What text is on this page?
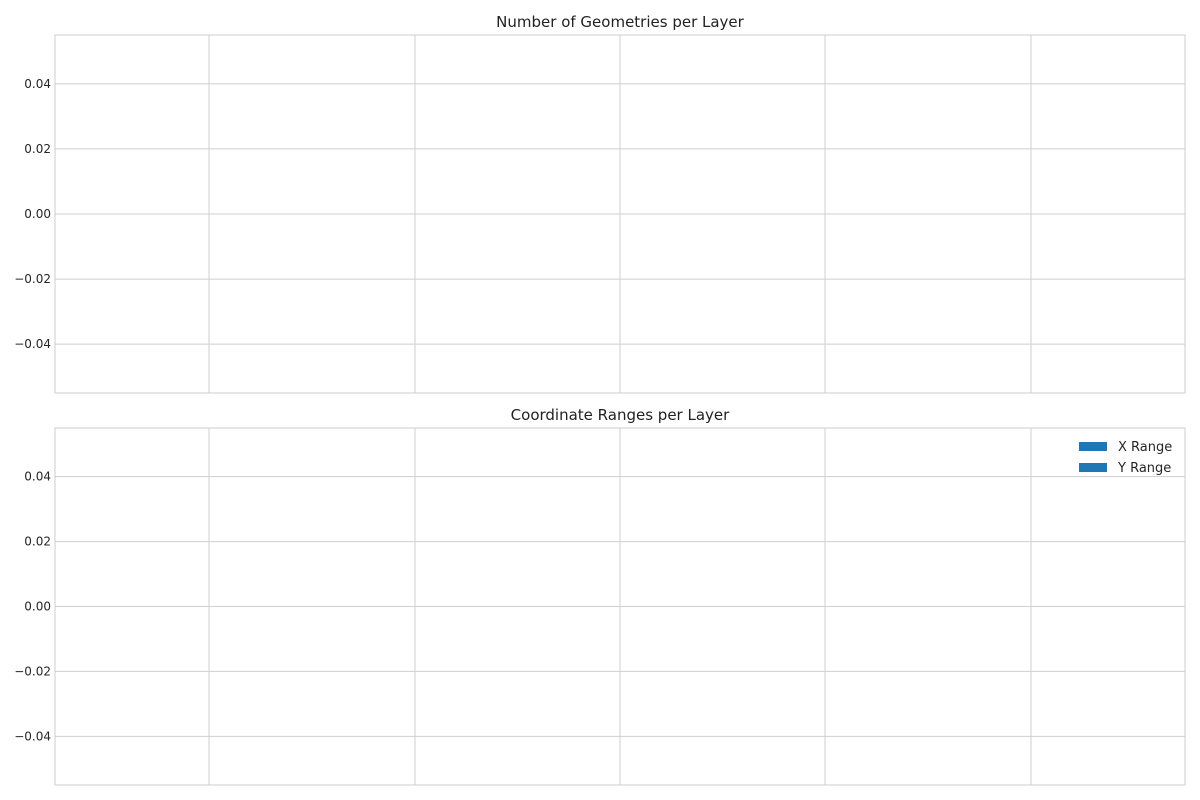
Number of Geometries per Layer
0.04
0.02
0.00
−0.02
−0.04
Coordinate Ranges per Layer
0.04
0.02
0.00
−0.02
−0.04
X Range
Y Range
